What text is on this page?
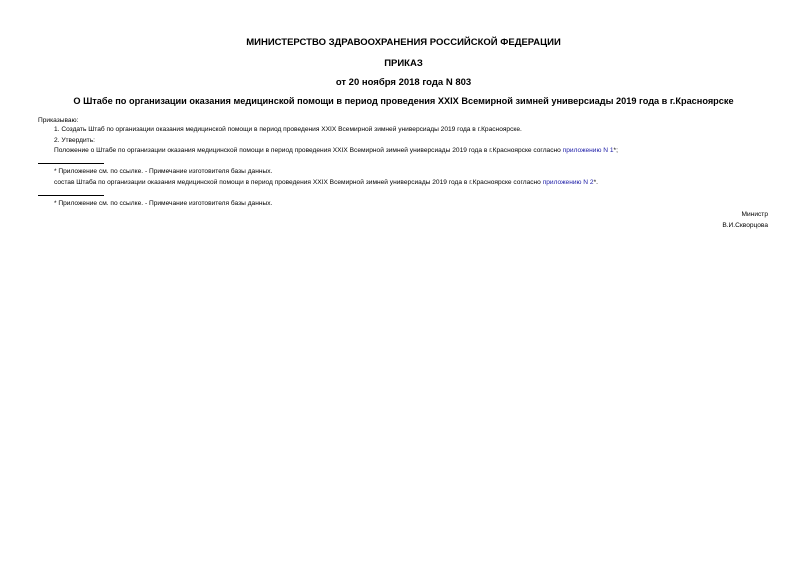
МИНИСТЕРСТВО ЗДРАВООХРАНЕНИЯ РОССИЙСКОЙ ФЕДЕРАЦИИ
ПРИКАЗ
от 20 ноября 2018 года N 803
О Штабе по организации оказания медицинской помощи в период проведения XXIX Всемирной зимней универсиады 2019 года в г.Красноярске
Приказываю:
1. Создать Штаб по организации оказания медицинской помощи в период проведения XXIX Всемирной зимней универсиады 2019 года в г.Красноярске.
2. Утвердить:
Положение о Штабе по организации оказания медицинской помощи в период проведения XXIX Всемирной зимней универсиады 2019 года в г.Красноярске согласно приложению N 1*;
* Приложение см. по ссылке. - Примечание изготовителя базы данных.
состав Штаба по организации оказания медицинской помощи в период проведения XXIX Всемирной зимней универсиады 2019 года в г.Красноярске согласно приложению N 2*.
* Приложение см. по ссылке. - Примечание изготовителя базы данных.
Министр
В.И.Скворцова
